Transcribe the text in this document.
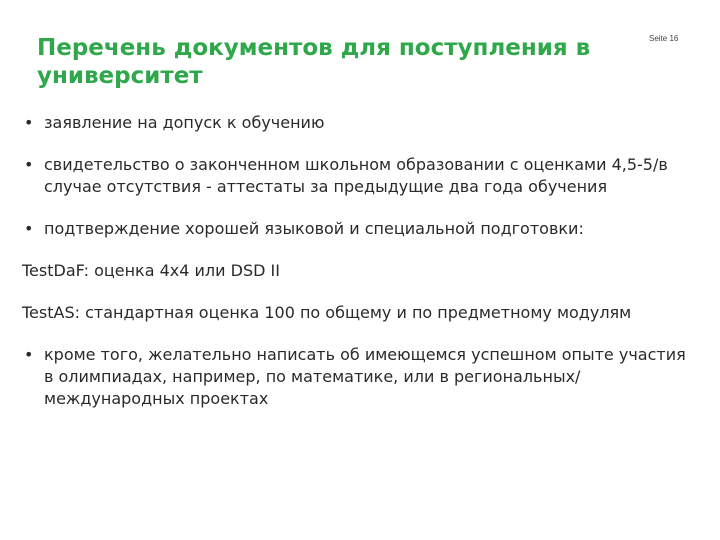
Перечень документов для поступления в университет
Seite 16
• заявление на допуск к обучению
• свидетельство о законченном школьном образовании с оценками 4,5-5/в случае отсутствия - аттестаты за предыдущие два года обучения
• подтверждение хорошей языковой и специальной подготовки:
TestDaF: оценка 4x4 или DSD II
TestAS: стандартная оценка 100 по общему и по предметному модулям
• кроме того, желательно написать об имеющемся успешном опыте участия в олимпиадах, например, по математике, или в региональных/международных проектах
